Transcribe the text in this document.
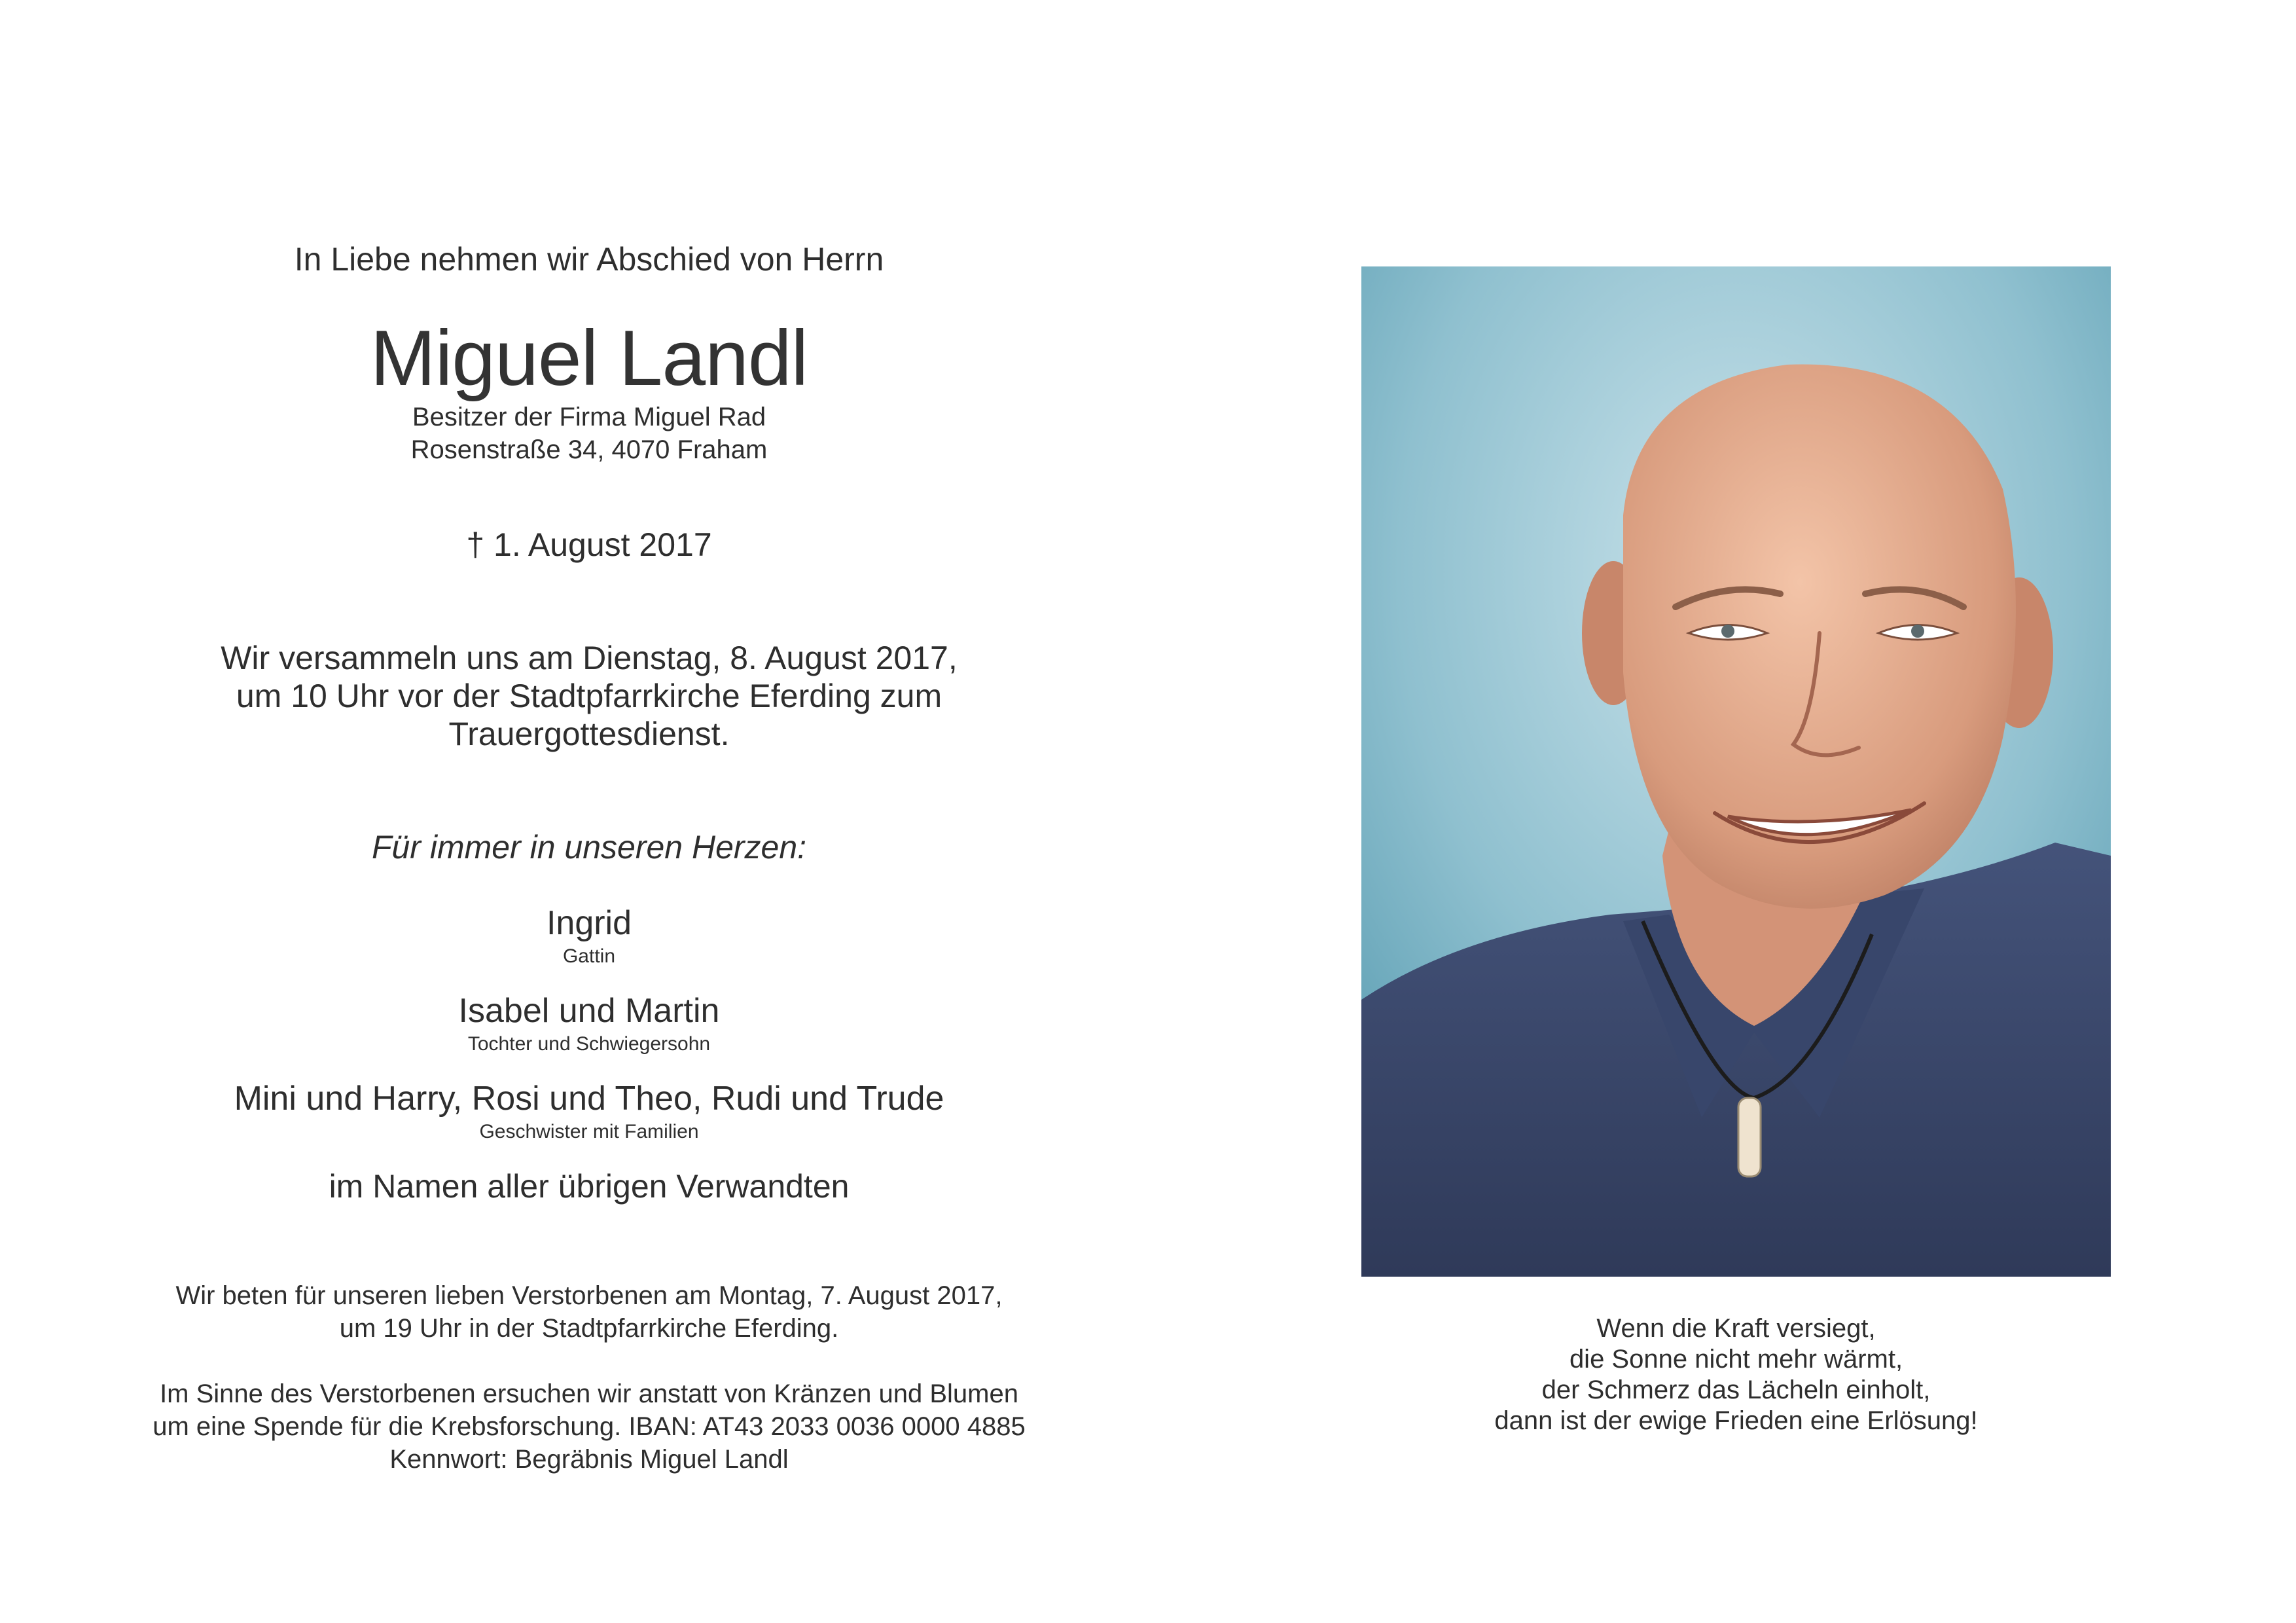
In Liebe nehmen wir Abschied von Herrn

Miguel Landl

Besitzer der Firma Miguel Rad

Rosenstraße 34, 4070 Fraham

† 1. August 2017

Wir versammeln uns am Dienstag, 8. August 2017,
um 10 Uhr vor der Stadtpfarrkirche Eferding zum
Trauergottesdienst.

Für immer in unseren Herzen:

Ingrid

Gattin

Isabel und Martin

Tochter und Schwiegersohn

Mini und Harry, Rosi und Theo, Rudi und Trude

Geschwister mit Familien

im Namen aller übrigen Verwandten

Wir beten für unseren lieben Verstorbenen am Montag, 7. August 2017,
um 19 Uhr in der Stadtpfarrkirche Eferding.
Im Sinne des Verstorbenen ersuchen wir anstatt von Kränzen und Blumen
um eine Spende für die Krebsforschung. IBAN: AT43 2033 0036 0000 4885
Kennwort: Begräbnis Miguel Landl
Wenn die Kraft versiegt,
die Sonne nicht mehr wärmt,
der Schmerz das Lächeln einholt,
dann ist der ewige Frieden eine Erlösung!
